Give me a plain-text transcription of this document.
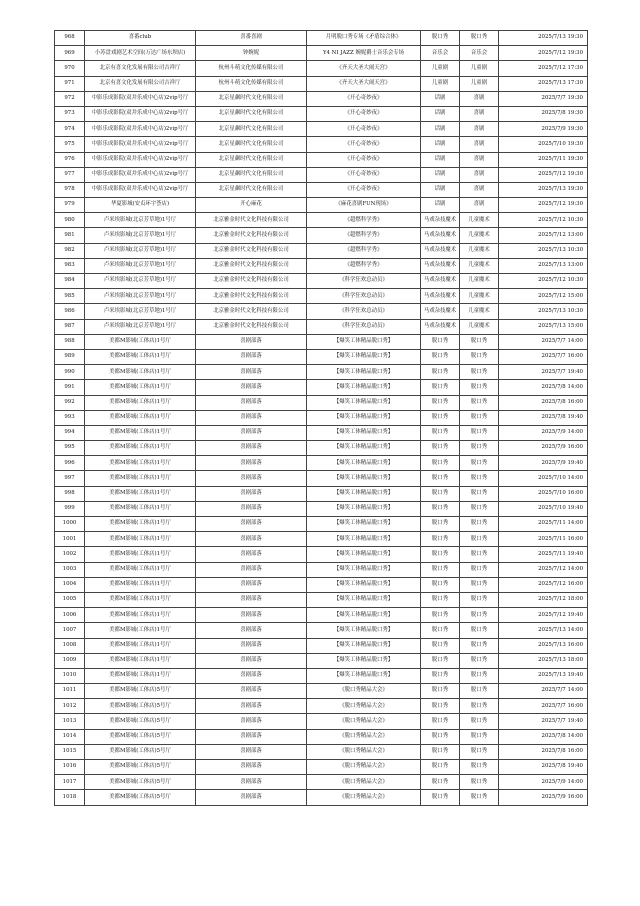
968	喜番club	喜番喜剧	月明脱口秀专场《矛盾综合体》	脱口秀	脱口秀	2025/7/13 19:30
969	小苏盘戏剧艺术空间(万达广场东坝店)	钟婉妮	Y4 NI JAZZ 婉妮爵士音乐会专场	音乐会	音乐会	2025/7/12 19:30
970	北京有喜文化发展有限公司吉祥厅	杭州斗萌文化传媒有限公司	《齐天大圣大闹天宫》	儿童剧	儿童剧	2025/7/12 17:30
971	北京有喜文化发展有限公司吉祥厅	杭州斗萌文化传媒有限公司	《齐天大圣大闹天宫》	儿童剧	儿童剧	2025/7/13 17:30
972	中影乐成影院(双井乐成中心店)2vip号厅	北京星飙时代文化有限公司	《开心奇妙夜》	话剧	喜剧	2025/7/7 19:30
973	中影乐成影院(双井乐成中心店)2vip号厅	北京星飙时代文化有限公司	《开心奇妙夜》	话剧	喜剧	2025/7/8 19:30
974	中影乐成影院(双井乐成中心店)2vip号厅	北京星飙时代文化有限公司	《开心奇妙夜》	话剧	喜剧	2025/7/9 19:30
975	中影乐成影院(双井乐成中心店)2vip号厅	北京星飙时代文化有限公司	《开心奇妙夜》	话剧	喜剧	2025/7/10 19:30
976	中影乐成影院(双井乐成中心店)2vip号厅	北京星飙时代文化有限公司	《开心奇妙夜》	话剧	喜剧	2025/7/11 19:30
977	中影乐成影院(双井乐成中心店)2vip号厅	北京星飙时代文化有限公司	《开心奇妙夜》	话剧	喜剧	2025/7/12 19:30
978	中影乐成影院(双井乐成中心店)2vip号厅	北京星飙时代文化有限公司	《开心奇妙夜》	话剧	喜剧	2025/7/13 19:30
979	华夏影城(安贞环宇荟店)	开心麻花	《麻花喜剧FUN现场》	话剧	喜剧	2025/7/12 19:30
980	卢米埃影城(北京芳草地)1号厅	北京雅金时代文化科技有限公司	《超燃科学秀》	马戏杂技魔术	儿童魔术	2025/7/12 10:30
981	卢米埃影城(北京芳草地)1号厅	北京雅金时代文化科技有限公司	《超燃科学秀》	马戏杂技魔术	儿童魔术	2025/7/12 13:00
982	卢米埃影城(北京芳草地)1号厅	北京雅金时代文化科技有限公司	《超燃科学秀》	马戏杂技魔术	儿童魔术	2025/7/13 10:30
983	卢米埃影城(北京芳草地)1号厅	北京雅金时代文化科技有限公司	《超燃科学秀》	马戏杂技魔术	儿童魔术	2025/7/13 13:00
984	卢米埃影城(北京芳草地)1号厅	北京雅金时代文化科技有限公司	《科学狂欢总动员》	马戏杂技魔术	儿童魔术	2025/7/12 10:30
985	卢米埃影城(北京芳草地)1号厅	北京雅金时代文化科技有限公司	《科学狂欢总动员》	马戏杂技魔术	儿童魔术	2025/7/12 15:00
986	卢米埃影城(北京芳草地)1号厅	北京雅金时代文化科技有限公司	《科学狂欢总动员》	马戏杂技魔术	儿童魔术	2025/7/13 10:30
987	卢米埃影城(北京芳草地)1号厅	北京雅金时代文化科技有限公司	《科学狂欢总动员》	马戏杂技魔术	儿童魔术	2025/7/13 15:00
988	美都M影城(工体店)1号厅	喜剧部落	【爆笑工体精品脱口秀】	脱口秀	脱口秀	2025/7/7 14:00
989	美都M影城(工体店)1号厅	喜剧部落	【爆笑工体精品脱口秀】	脱口秀	脱口秀	2025/7/7 16:00
990	美都M影城(工体店)1号厅	喜剧部落	【爆笑工体精品脱口秀】	脱口秀	脱口秀	2025/7/7 19:40
991	美都M影城(工体店)1号厅	喜剧部落	【爆笑工体精品脱口秀】	脱口秀	脱口秀	2025/7/8 14:00
992	美都M影城(工体店)1号厅	喜剧部落	【爆笑工体精品脱口秀】	脱口秀	脱口秀	2025/7/8 16:00
993	美都M影城(工体店)1号厅	喜剧部落	【爆笑工体精品脱口秀】	脱口秀	脱口秀	2025/7/8 19:40
994	美都M影城(工体店)1号厅	喜剧部落	【爆笑工体精品脱口秀】	脱口秀	脱口秀	2025/7/9 14:00
995	美都M影城(工体店)1号厅	喜剧部落	【爆笑工体精品脱口秀】	脱口秀	脱口秀	2025/7/9 16:00
996	美都M影城(工体店)1号厅	喜剧部落	【爆笑工体精品脱口秀】	脱口秀	脱口秀	2025/7/9 19:40
997	美都M影城(工体店)1号厅	喜剧部落	【爆笑工体精品脱口秀】	脱口秀	脱口秀	2025/7/10 14:00
998	美都M影城(工体店)1号厅	喜剧部落	【爆笑工体精品脱口秀】	脱口秀	脱口秀	2025/7/10 16:00
999	美都M影城(工体店)1号厅	喜剧部落	【爆笑工体精品脱口秀】	脱口秀	脱口秀	2025/7/10 19:40
1000	美都M影城(工体店)1号厅	喜剧部落	【爆笑工体精品脱口秀】	脱口秀	脱口秀	2025/7/11 14:00
1001	美都M影城(工体店)1号厅	喜剧部落	【爆笑工体精品脱口秀】	脱口秀	脱口秀	2025/7/11 16:00
1002	美都M影城(工体店)1号厅	喜剧部落	【爆笑工体精品脱口秀】	脱口秀	脱口秀	2025/7/11 19:40
1003	美都M影城(工体店)1号厅	喜剧部落	【爆笑工体精品脱口秀】	脱口秀	脱口秀	2025/7/12 14:00
1004	美都M影城(工体店)1号厅	喜剧部落	【爆笑工体精品脱口秀】	脱口秀	脱口秀	2025/7/12 16:00
1005	美都M影城(工体店)1号厅	喜剧部落	【爆笑工体精品脱口秀】	脱口秀	脱口秀	2025/7/12 18:00
1006	美都M影城(工体店)1号厅	喜剧部落	【爆笑工体精品脱口秀】	脱口秀	脱口秀	2025/7/12 19:40
1007	美都M影城(工体店)1号厅	喜剧部落	【爆笑工体精品脱口秀】	脱口秀	脱口秀	2025/7/13 14:00
1008	美都M影城(工体店)1号厅	喜剧部落	【爆笑工体精品脱口秀】	脱口秀	脱口秀	2025/7/13 16:00
1009	美都M影城(工体店)1号厅	喜剧部落	【爆笑工体精品脱口秀】	脱口秀	脱口秀	2025/7/13 18:00
1010	美都M影城(工体店)1号厅	喜剧部落	【爆笑工体精品脱口秀】	脱口秀	脱口秀	2025/7/13 19:40
1011	美都M影城(工体店)5号厅	喜剧部落	《脱口秀精品大会》	脱口秀	脱口秀	2025/7/7 14:00
1012	美都M影城(工体店)5号厅	喜剧部落	《脱口秀精品大会》	脱口秀	脱口秀	2025/7/7 16:00
1013	美都M影城(工体店)5号厅	喜剧部落	《脱口秀精品大会》	脱口秀	脱口秀	2025/7/7 19:40
1014	美都M影城(工体店)5号厅	喜剧部落	《脱口秀精品大会》	脱口秀	脱口秀	2025/7/8 14:00
1015	美都M影城(工体店)5号厅	喜剧部落	《脱口秀精品大会》	脱口秀	脱口秀	2025/7/8 16:00
1016	美都M影城(工体店)5号厅	喜剧部落	《脱口秀精品大会》	脱口秀	脱口秀	2025/7/8 19:40
1017	美都M影城(工体店)5号厅	喜剧部落	《脱口秀精品大会》	脱口秀	脱口秀	2025/7/9 14:00
1018	美都M影城(工体店)5号厅	喜剧部落	《脱口秀精品大会》	脱口秀	脱口秀	2025/7/9 16:00
